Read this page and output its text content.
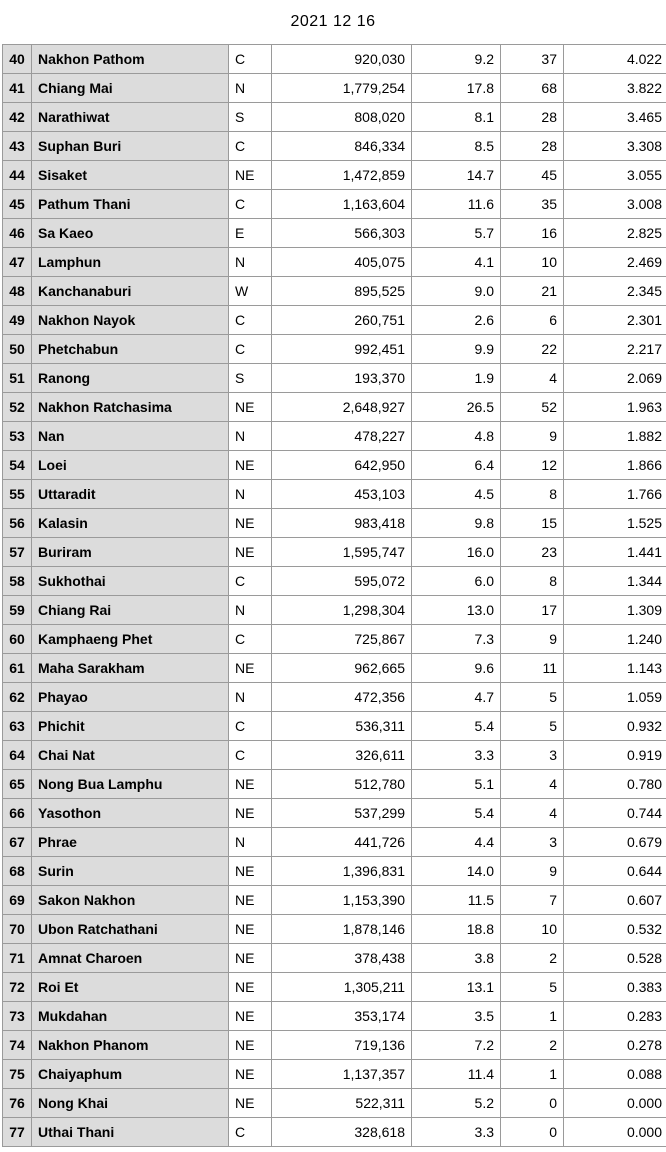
2021 12 16
40	Nakhon Pathom	C	920,030	9.2	37	4.022
41	Chiang Mai	N	1,779,254	17.8	68	3.822
42	Narathiwat	S	808,020	8.1	28	3.465
43	Suphan Buri	C	846,334	8.5	28	3.308
44	Sisaket	NE	1,472,859	14.7	45	3.055
45	Pathum Thani	C	1,163,604	11.6	35	3.008
46	Sa Kaeo	E	566,303	5.7	16	2.825
47	Lamphun	N	405,075	4.1	10	2.469
48	Kanchanaburi	W	895,525	9.0	21	2.345
49	Nakhon Nayok	C	260,751	2.6	6	2.301
50	Phetchabun	C	992,451	9.9	22	2.217
51	Ranong	S	193,370	1.9	4	2.069
52	Nakhon Ratchasima	NE	2,648,927	26.5	52	1.963
53	Nan	N	478,227	4.8	9	1.882
54	Loei	NE	642,950	6.4	12	1.866
55	Uttaradit	N	453,103	4.5	8	1.766
56	Kalasin	NE	983,418	9.8	15	1.525
57	Buriram	NE	1,595,747	16.0	23	1.441
58	Sukhothai	C	595,072	6.0	8	1.344
59	Chiang Rai	N	1,298,304	13.0	17	1.309
60	Kamphaeng Phet	C	725,867	7.3	9	1.240
61	Maha Sarakham	NE	962,665	9.6	11	1.143
62	Phayao	N	472,356	4.7	5	1.059
63	Phichit	C	536,311	5.4	5	0.932
64	Chai Nat	C	326,611	3.3	3	0.919
65	Nong Bua Lamphu	NE	512,780	5.1	4	0.780
66	Yasothon	NE	537,299	5.4	4	0.744
67	Phrae	N	441,726	4.4	3	0.679
68	Surin	NE	1,396,831	14.0	9	0.644
69	Sakon Nakhon	NE	1,153,390	11.5	7	0.607
70	Ubon Ratchathani	NE	1,878,146	18.8	10	0.532
71	Amnat Charoen	NE	378,438	3.8	2	0.528
72	Roi Et	NE	1,305,211	13.1	5	0.383
73	Mukdahan	NE	353,174	3.5	1	0.283
74	Nakhon Phanom	NE	719,136	7.2	2	0.278
75	Chaiyaphum	NE	1,137,357	11.4	1	0.088
76	Nong Khai	NE	522,311	5.2	0	0.000
77	Uthai Thani	C	328,618	3.3	0	0.000
